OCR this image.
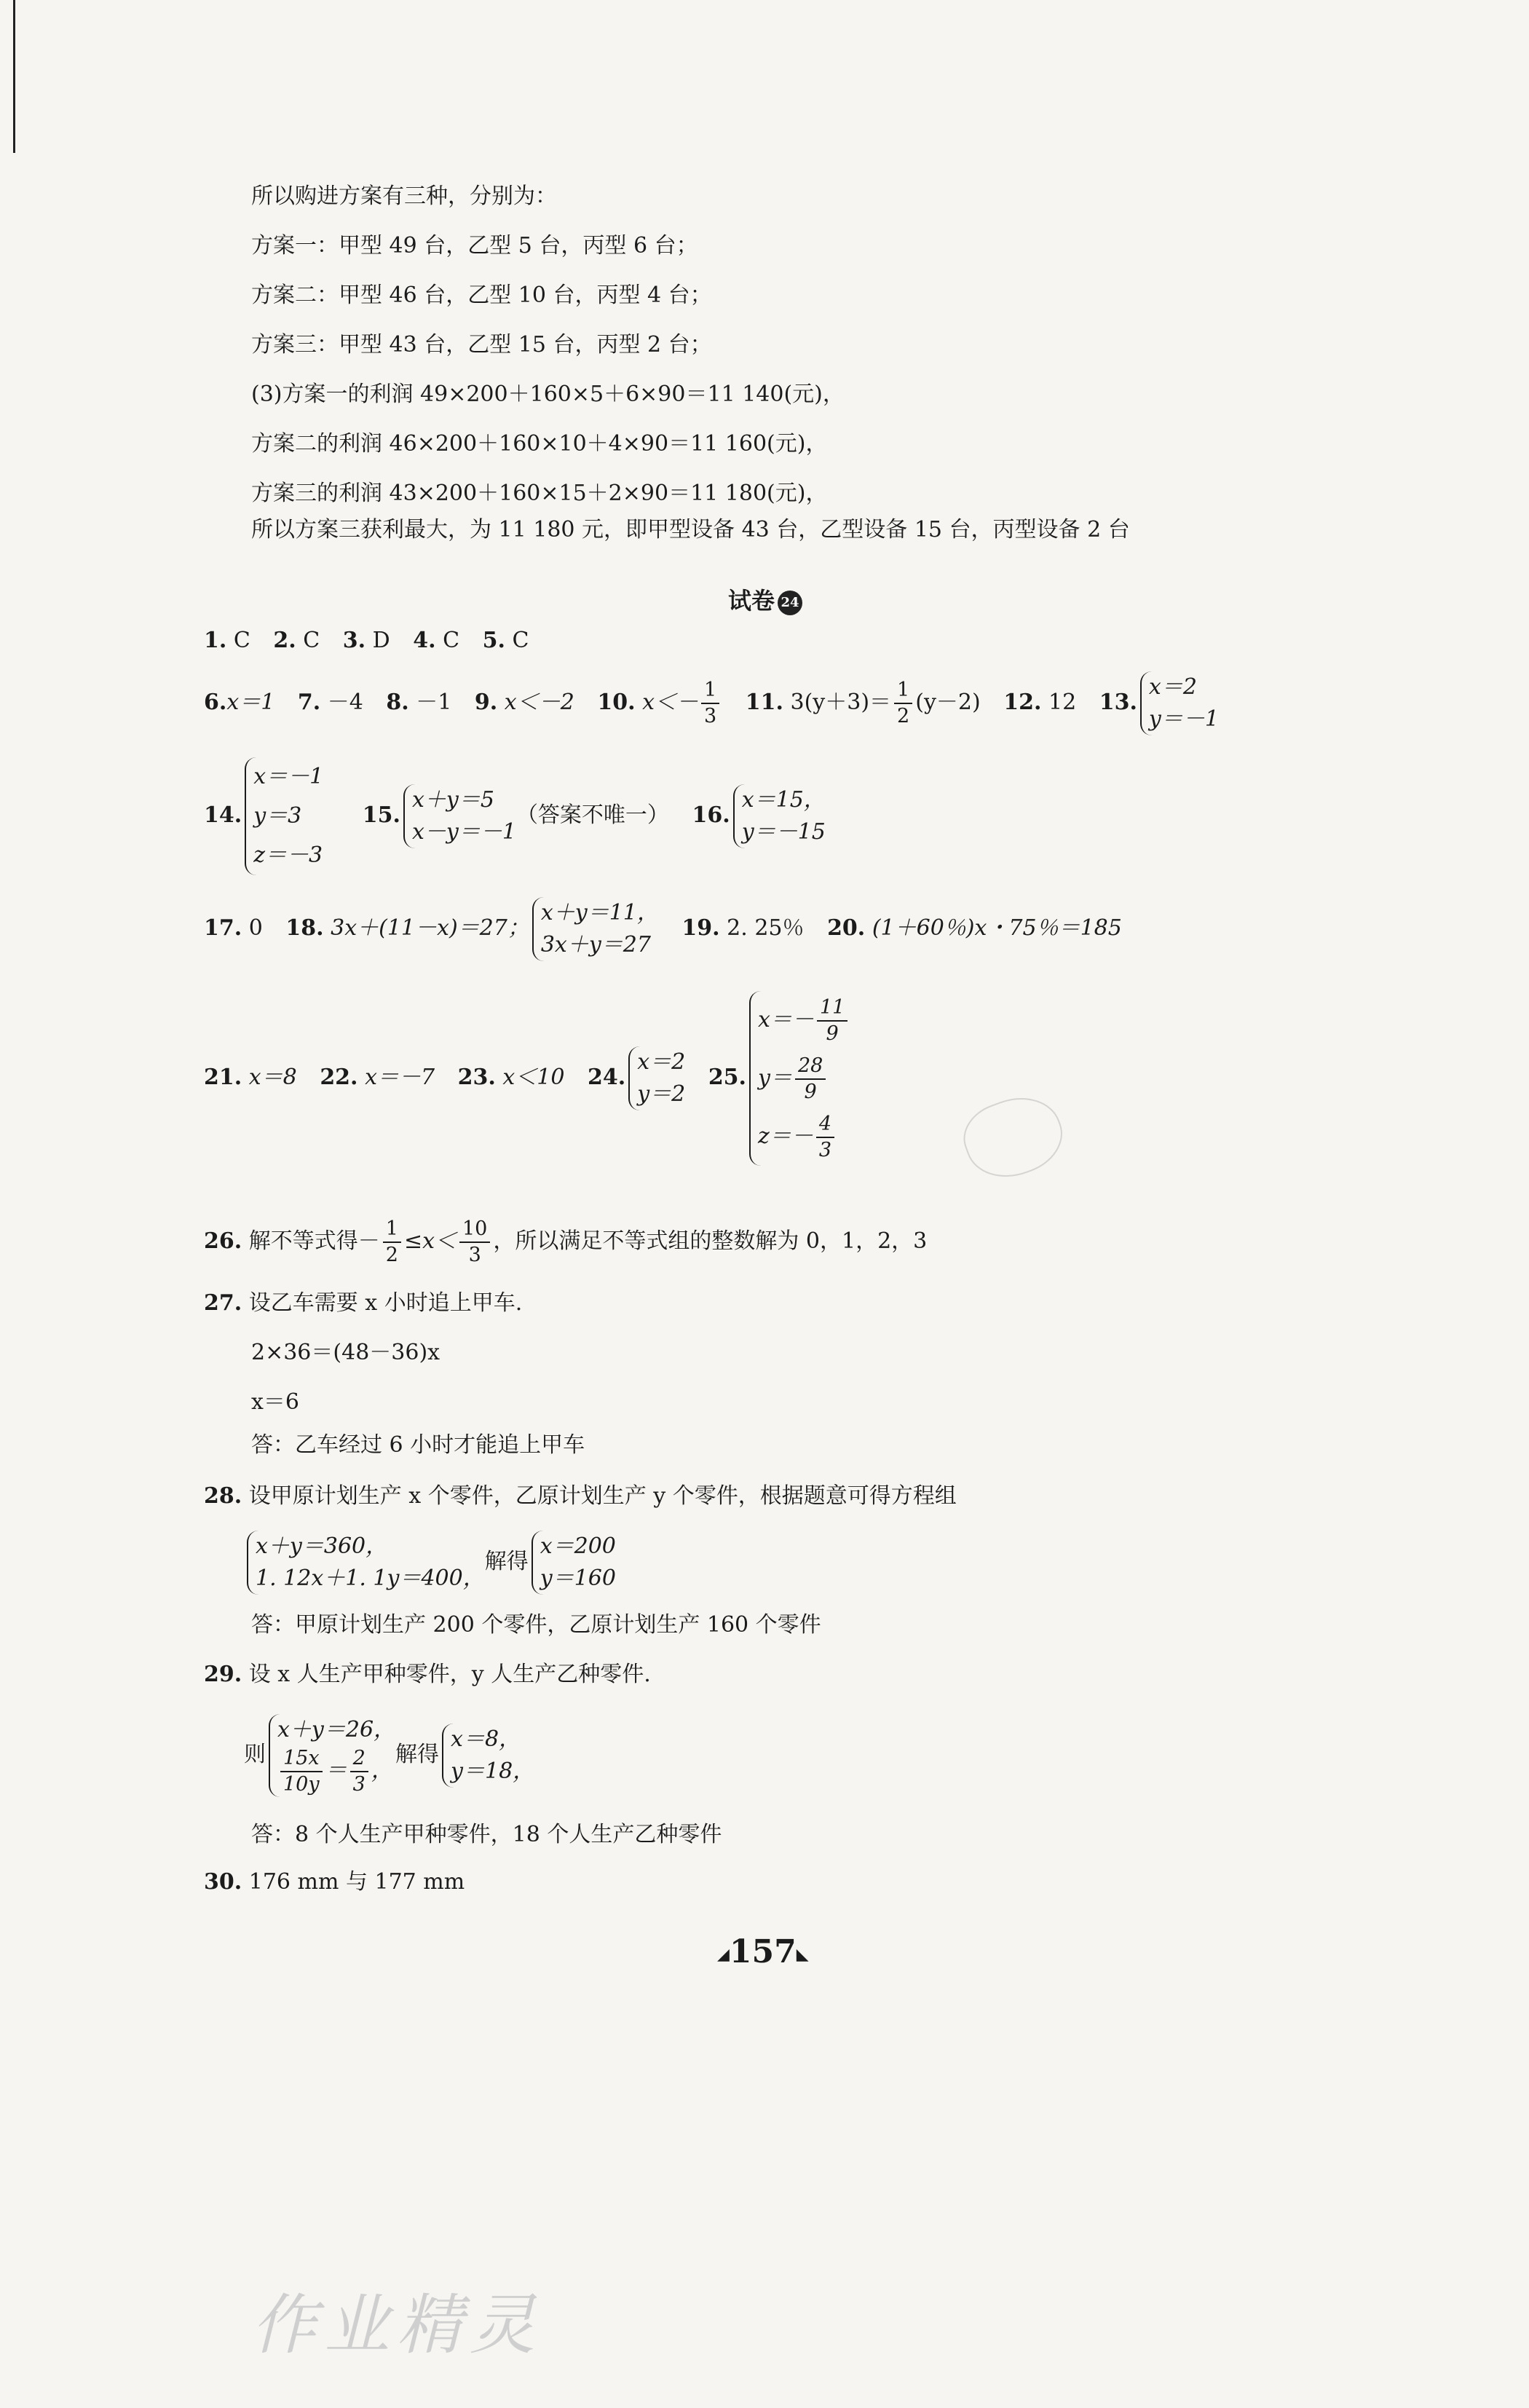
所以购进方案有三种，分别为：
方案一：甲型 49 台，乙型 5 台，丙型 6 台；
方案二：甲型 46 台，乙型 10 台，丙型 4 台；
方案三：甲型 43 台，乙型 15 台，丙型 2 台；
(3)方案一的利润 49×200＋160×5＋6×90＝11 140(元)，
方案二的利润 46×200＋160×10＋4×90＝11 160(元)，
方案三的利润 43×200＋160×15＋2×90＝11 180(元)，
所以方案三获利最大，为 11 180 元，即甲型设备 43 台，乙型设备 15 台，丙型设备 2 台
试卷 24
1. C 2. C 3. D 4. C 5. C
6.x＝1 7. －4 8. －1 9. x＜－2 10. $x<- \frac{1}{3} 11$. $3(y+3)= \frac{1}{2} (y-2)$ 12. 12 13.
x＝2
y＝－1
14.
x＝－1
y＝3
z＝－3
15.
x＋y＝5
x－y＝－1
（答案不唯一） 16.
x＝15，
y＝－15
17. 0 18. 3x＋(11－x)＝27；
x＋y＝11，
3x＋y＝27
19. 2. 25％ 20. (1＋60％)x・75％＝185
21. x＝8 22. x＝－7 23. x＜10 24.
x＝2
y＝2
25.
$x=- \frac{11}{9}$
$y= \frac{28}{9}$
$z=- \frac{4}{3}$
26. 解不等式得－ $\frac{1}{2} \le x< \frac{10}{3}$ ，所以满足不等式组的整数解为 0，1，2，3
27. 设乙车需要 x 小时追上甲车.
2×36＝(48－36)x
x＝6
答：乙车经过 6 小时才能追上甲车
28. 设甲原计划生产 x 个零件，乙原计划生产 y 个零件，根据题意可得方程组
x＋y＝360，
1. 12x＋1. 1y＝400，
解得
x＝200
y＝160
答：甲原计划生产 200 个零件，乙原计划生产 160 个零件
29. 设 x 人生产甲种零件，y 人生产乙种零件.
则
x＋y＝26，
$\frac{15x}{10y} = \frac{2}{3}$ ，
解得
x＝8，
y＝18，
答：8 个人生产甲种零件，18 个人生产乙种零件
30. 176 mm 与 177 mm
◢157◣
作业精灵
